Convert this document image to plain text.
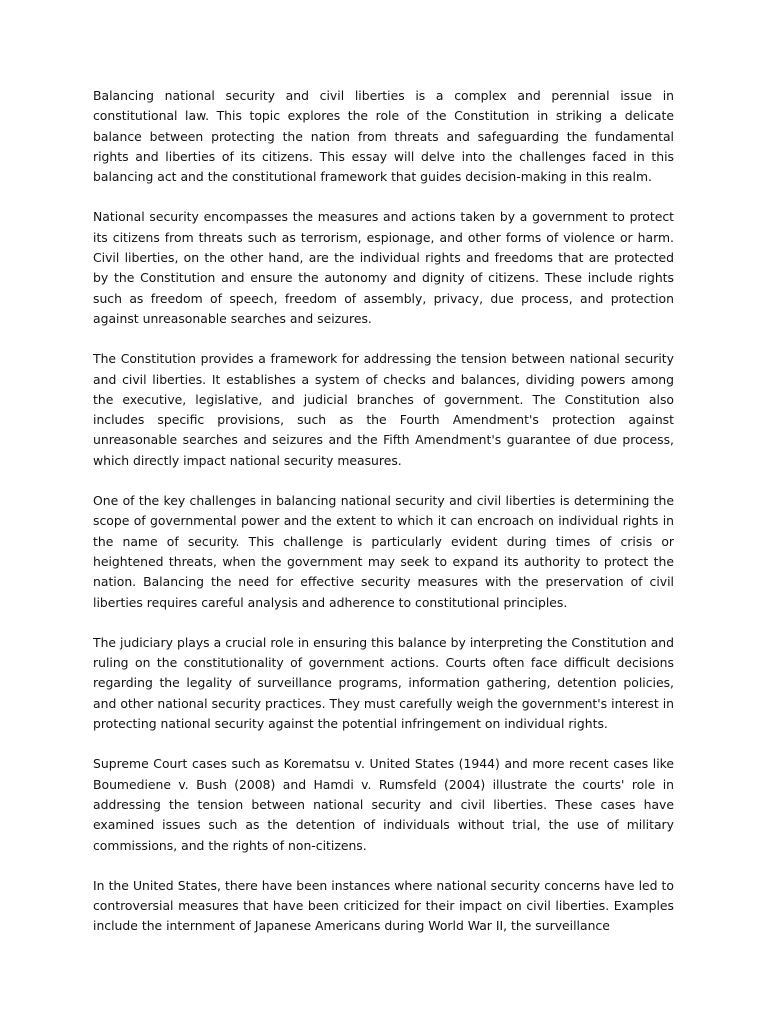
Balancing national security and civil liberties is a complex and perennial issue in constitutional law. This topic explores the role of the Constitution in striking a delicate balance between protecting the nation from threats and safeguarding the fundamental rights and liberties of its citizens. This essay will delve into the challenges faced in this balancing act and the constitutional framework that guides decision-making in this realm.

National security encompasses the measures and actions taken by a government to protect its citizens from threats such as terrorism, espionage, and other forms of violence or harm. Civil liberties, on the other hand, are the individual rights and freedoms that are protected by the Constitution and ensure the autonomy and dignity of citizens. These include rights such as freedom of speech, freedom of assembly, privacy, due process, and protection against unreasonable searches and seizures.

The Constitution provides a framework for addressing the tension between national security and civil liberties. It establishes a system of checks and balances, dividing powers among the executive, legislative, and judicial branches of government. The Constitution also includes specific provisions, such as the Fourth Amendment's protection against unreasonable searches and seizures and the Fifth Amendment's guarantee of due process, which directly impact national security measures.

One of the key challenges in balancing national security and civil liberties is determining the scope of governmental power and the extent to which it can encroach on individual rights in the name of security. This challenge is particularly evident during times of crisis or heightened threats, when the government may seek to expand its authority to protect the nation. Balancing the need for effective security measures with the preservation of civil liberties requires careful analysis and adherence to constitutional principles.

The judiciary plays a crucial role in ensuring this balance by interpreting the Constitution and ruling on the constitutionality of government actions. Courts often face difficult decisions regarding the legality of surveillance programs, information gathering, detention policies, and other national security practices. They must carefully weigh the government's interest in protecting national security against the potential infringement on individual rights.

Supreme Court cases such as Korematsu v. United States (1944) and more recent cases like Boumediene v. Bush (2008) and Hamdi v. Rumsfeld (2004) illustrate the courts' role in addressing the tension between national security and civil liberties. These cases have examined issues such as the detention of individuals without trial, the use of military commissions, and the rights of non-citizens.

In the United States, there have been instances where national security concerns have led to controversial measures that have been criticized for their impact on civil liberties. Examples include the internment of Japanese Americans during World War II, the surveillance
